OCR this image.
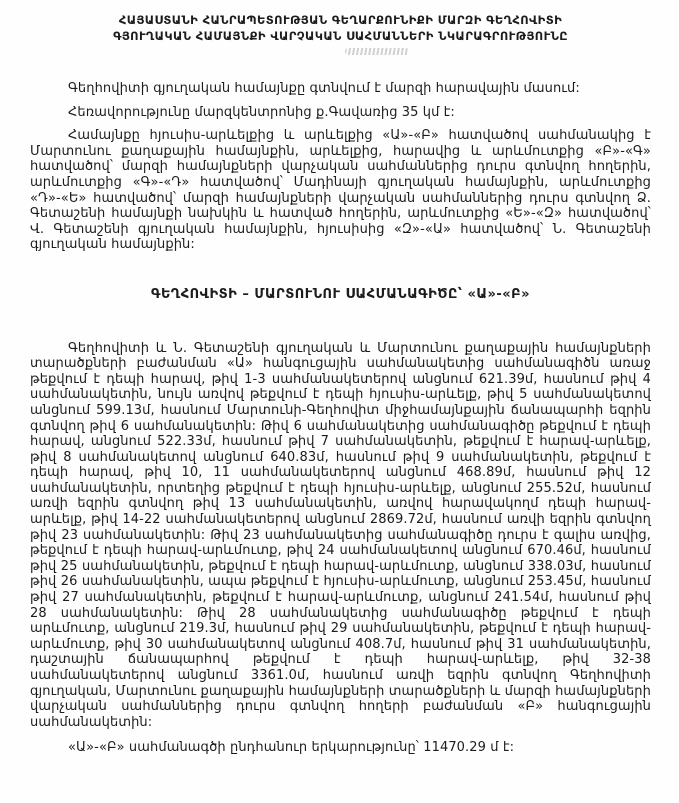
ՀԱՅԱՍՏԱՆԻ ՀԱՆՐԱՊԵՏՈՒԹՅԱՆ ԳԵՂԱՐՔՈՒՆԻՔԻ ՄԱՐԶԻ ԳԵՂՀՈՎԻՏԻ

ԳՅՈՒՂԱԿԱՆ ՀԱՄԱՅՆՔԻ ՎԱՐՉԱԿԱՆ ՍԱՀՄԱՆՆԵՐԻ ՆԿԱՐԱԳՐՈՒԹՅՈՒՆԸ

Գեղհովիտի գյուղական համայնքը գտնվում է մարզի հարավային մասում:

Հեռավորությունը մարզկենտրոնից ք.Գավառից 35 կմ է:

Համայնքը հյուսիս-արևելքից և արևելքից «Ա»-«Բ» հատվածով սահմանակից է Մարտունու քաղաքային համայնքին, արևելքից, հարավից և արևմուտքից «Բ»-«Գ» հատվածով՝ մարզի համայնքների վարչական սահմաններից դուրս գտնվող հողերին, արևմուտքից «Գ»-«Դ» հատվածով՝ Մադինայի գյուղական համայնքին, արևմուտքից «Դ»-«Ե» հատվածով՝ մարզի համայնքների վարչական սահմաններից դուրս գտնվող Ձ. Գետաշենի համայնքի նախկին և հատված հողերին, արևմուտքից «Ե»-«Զ» հատվածով՝ Վ. Գետաշենի գյուղական համայնքին, հյուսիսից «Զ»-«Ա» հատվածով՝ Ն. Գետաշենի գյուղական համայնքին:

ԳԵՂՀՈՎԻՏԻ – ՄԱՐՏՈՒՆՈՒ ՍԱՀՄԱՆԱԳԻԾԸ՝ «Ա»-«Բ»

Գեղհովիտի և Ն. Գետաշենի գյուղական և Մարտունու քաղաքային համայնքների տարածքների բաժանման «Ա» հանգուցային սահմանակետից սահմանագիծն առաջ թեքվում է դեպի հարավ, թիվ 1-3 սահմանակետերով անցնում 621.39մ, հասնում թիվ 4 սահմանակետին, նույն առվով թեքվում է դեպի հյուսիս-արևելք, թիվ 5 սահմանակետով անցնում 599.13մ, հասնում Մարտունի-Գեղհովիտ միջհամայնքային ճանապարհի եզրին գտնվող թիվ 6 սահմանակետին: Թիվ 6 սահմանակետից սահմանագիծը թեքվում է դեպի հարավ, անցնում 522.33մ, հասնում թիվ 7 սահմանակետին, թեքվում է հարավ-արևելք, թիվ 8 սահմանակետով անցնում 640.83մ, հասնում թիվ 9 սահմանակետին, թեքվում է դեպի հարավ, թիվ 10, 11 սահմանակետերով անցնում 468.89մ, հասնում թիվ 12 սահմանակետին, որտեղից թեքվում է դեպի հյուսիս-արևելք, անցնում 255.52մ, հասնում առվի եզրին գտնվող թիվ 13 սահմանակետին, առվով հարավակողմ դեպի հարավ-արևելք, թիվ 14-22 սահմանակետերով անցնում 2869.72մ, հասնում առվի եզրին գտնվող թիվ 23 սահմանակետին: Թիվ 23 սահմանակետից սահմանագիծը դուրս է գալիս առվից, թեքվում է դեպի հարավ-արևմուտք, թիվ 24 սահմանակետով անցնում 670.46մ, հասնում թիվ 25 սահմանակետին, թեքվում է դեպի հարավ-արևմուտք, անցնում 338.03մ, հասնում թիվ 26 սահմանակետին, ապա թեքվում է հյուսիս-արևմուտք, անցնում 253.45մ, հասնում թիվ 27 սահմանակետին, թեքվում է հարավ-արևմուտք, անցնում 241.54մ, հասնում թիվ 28 սահմանակետին: Թիվ 28 սահմանակետից սահմանագիծը թեքվում է դեպի արևմուտք, անցնում 219.3մ, հասնում թիվ 29 սահմանակետին, թեքվում է դեպի հարավ-արևմուտք, թիվ 30 սահմանակետով անցնում 408.7մ, հասնում թիվ 31 սահմանակետին, դաշտային ճանապարհով թեքվում է դեպի հարավ-արևելք, թիվ 32-38 սահմանակետերով անցնում 3361.0մ, հասնում առվի եզրին գտնվող Գեղհովիտի գյուղական, Մարտունու քաղաքային համայնքների տարածքների և մարզի համայնքների վարչական սահմաններից դուրս գտնվող հողերի բաժանման «Բ» հանգուցային սահմանակետին:

«Ա»-«Բ» սահմանագծի ընդհանուր երկարությունը՝ 11470.29 մ է:
